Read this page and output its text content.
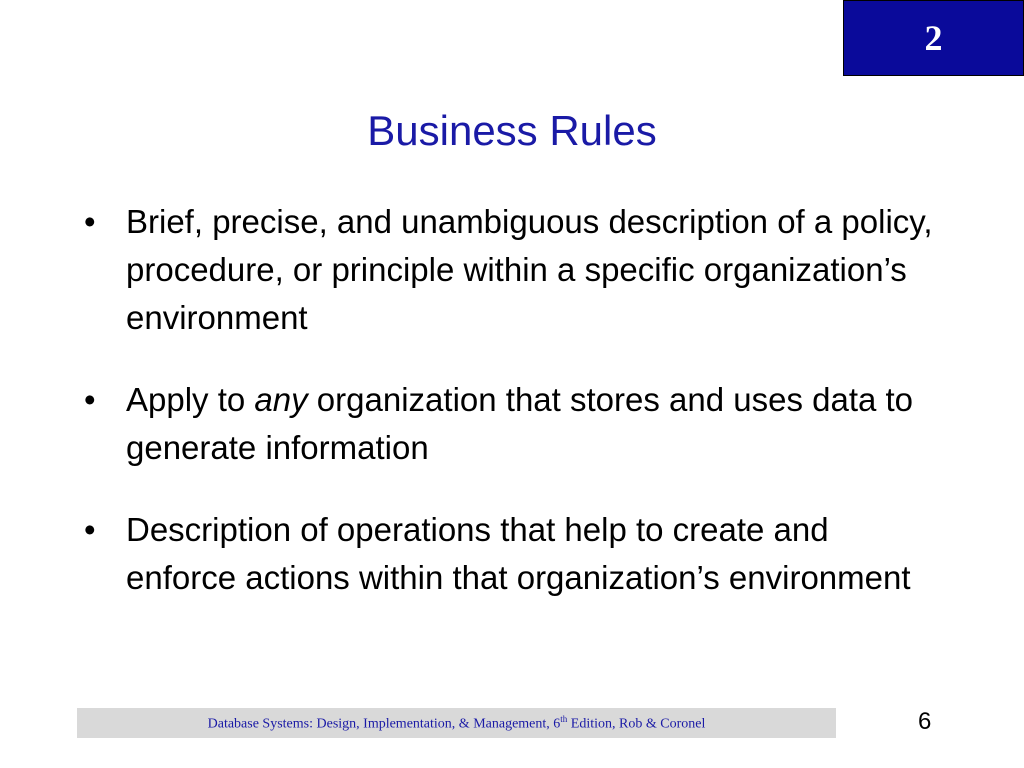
2
Business Rules
• Brief, precise, and unambiguous description of a policy, procedure, or principle within a specific organization’s environment
• Apply to any organization that stores and uses data to generate information
• Description of operations that help to create and enforce actions within that organization’s environment
Database Systems: Design, Implementation, & Management, 6th Edition, Rob & Coronel	6
